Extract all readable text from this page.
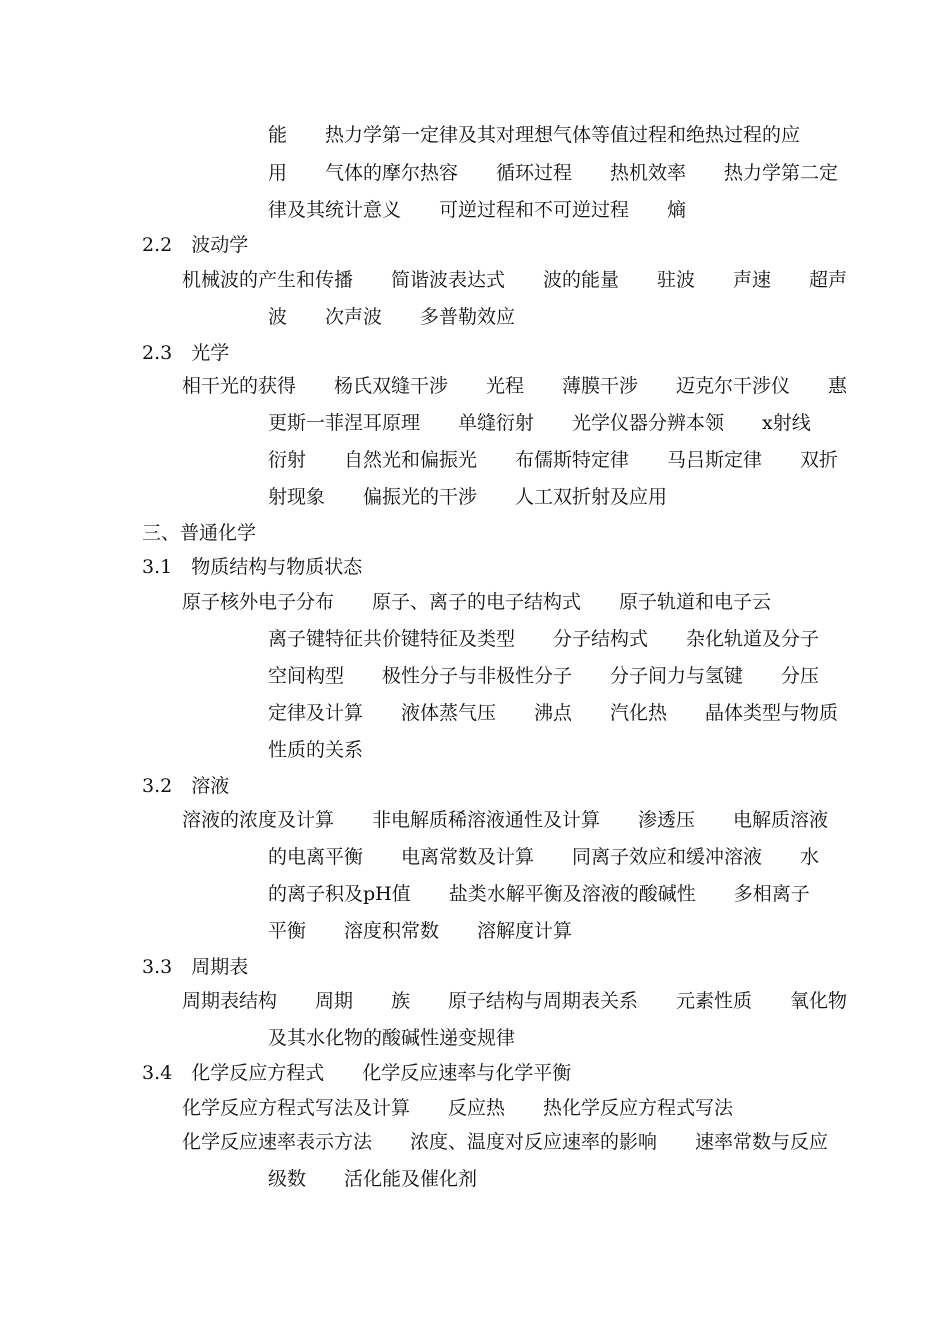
能　　热力学第一定律及其对理想气体等值过程和绝热过程的应
用　　气体的摩尔热容　　循环过程　　热机效率　　热力学第二定
律及其统计意义　　可逆过程和不可逆过程　　熵
2.2　波动学
机械波的产生和传播　　简谐波表达式　　波的能量　　驻波　　声速　　超声
波　　次声波　　多普勒效应
2.3　光学
相干光的获得　　杨氏双缝干涉　　光程　　薄膜干涉　　迈克尔干涉仪　　惠
更斯一菲涅耳原理　　单缝衍射　　光学仪器分辨本领　　x射线
衍射　　自然光和偏振光　　布儒斯特定律　　马吕斯定律　　双折
射现象　　偏振光的干涉　　人工双折射及应用
三、普通化学
3.1　物质结构与物质状态
原子核外电子分布　　原子、离子的电子结构式　　原子轨道和电子云
离子键特征共价键特征及类型　　分子结构式　　杂化轨道及分子
空间构型　　极性分子与非极性分子　　分子间力与氢键　　分压
定律及计算　　液体蒸气压　　沸点　　汽化热　　晶体类型与物质
性质的关系
3.2　溶液
溶液的浓度及计算　　非电解质稀溶液通性及计算　　渗透压　　电解质溶液
的电离平衡　　电离常数及计算　　同离子效应和缓冲溶液　　水
的离子积及pH值　　盐类水解平衡及溶液的酸碱性　　多相离子
平衡　　溶度积常数　　溶解度计算
3.3　周期表
周期表结构　　周期　　族　　原子结构与周期表关系　　元素性质　　氧化物
及其水化物的酸碱性递变规律
3.4　化学反应方程式　　化学反应速率与化学平衡
化学反应方程式写法及计算　　反应热　　热化学反应方程式写法
化学反应速率表示方法　　浓度、温度对反应速率的影响　　速率常数与反应
级数　　活化能及催化剂
